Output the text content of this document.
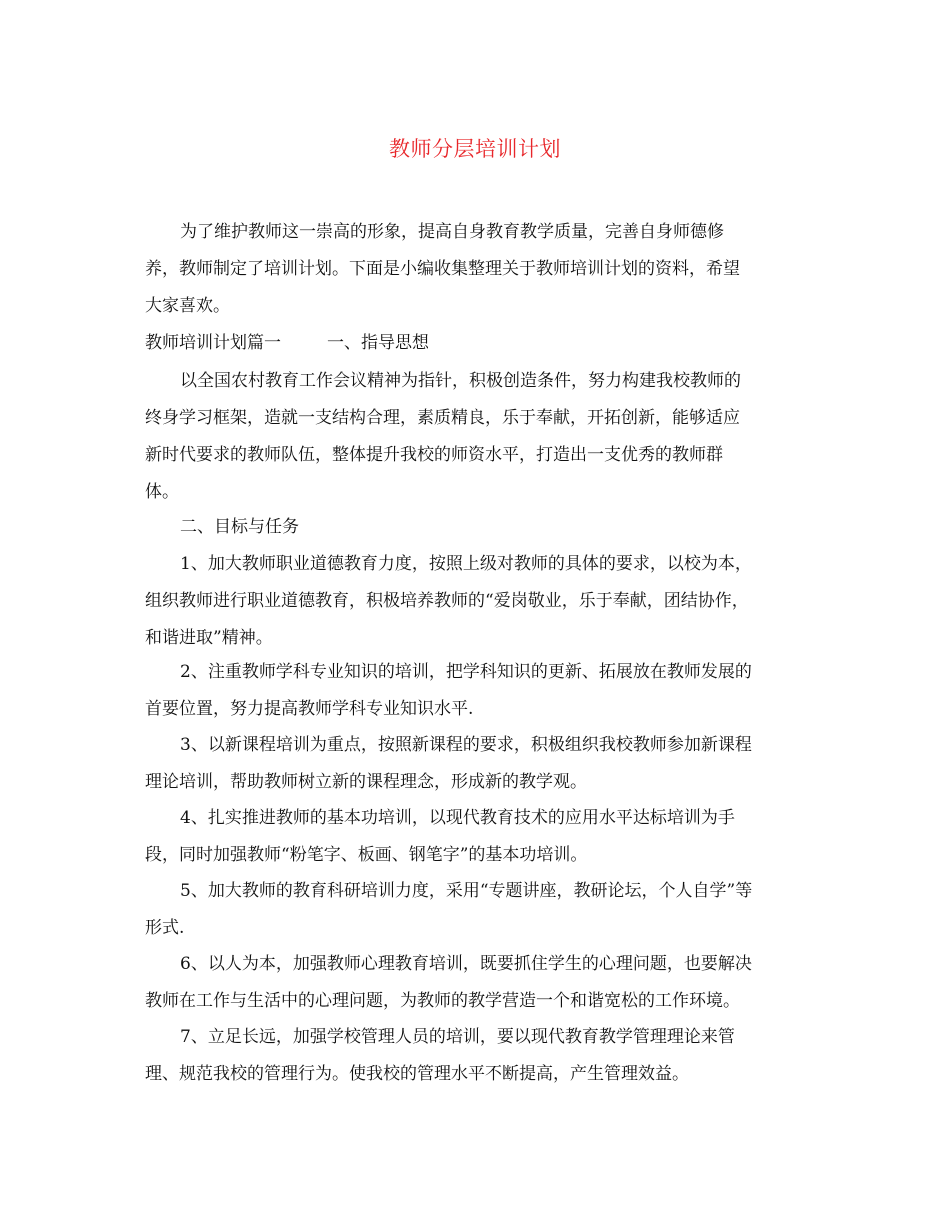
教师分层培训计划
为了维护教师这一崇高的形象，提高自身教育教学质量，完善自身师德修
养，教师制定了培训计划。下面是小编收集整理关于教师培训计划的资料，希望
大家喜欢。
教师培训计划篇一	一、指导思想
以全国农村教育工作会议精神为指针，积极创造条件，努力构建我校教师的
终身学习框架，造就一支结构合理，素质精良，乐于奉献，开拓创新，能够适应
新时代要求的教师队伍，整体提升我校的师资水平，打造出一支优秀的教师群
体。
二、目标与任务
1、加大教师职业道德教育力度，按照上级对教师的具体的要求，以校为本，
组织教师进行职业道德教育，积极培养教师的“爱岗敬业，乐于奉献，团结协作，
和谐进取”精神。
2、注重教师学科专业知识的培训，把学科知识的更新、拓展放在教师发展的
首要位置，努力提高教师学科专业知识水平.
3、以新课程培训为重点，按照新课程的要求，积极组织我校教师参加新课程
理论培训，帮助教师树立新的课程理念，形成新的教学观。
4、扎实推进教师的基本功培训，以现代教育技术的应用水平达标培训为手
段，同时加强教师“粉笔字、板画、钢笔字”的基本功培训。
5、加大教师的教育科研培训力度，采用“专题讲座，教研论坛，个人自学”等
形式.
6、以人为本，加强教师心理教育培训，既要抓住学生的心理问题，也要解决
教师在工作与生活中的心理问题，为教师的教学营造一个和谐宽松的工作环境。
7、立足长远，加强学校管理人员的培训，要以现代教育教学管理理论来管
理、规范我校的管理行为。使我校的管理水平不断提高，产生管理效益。
